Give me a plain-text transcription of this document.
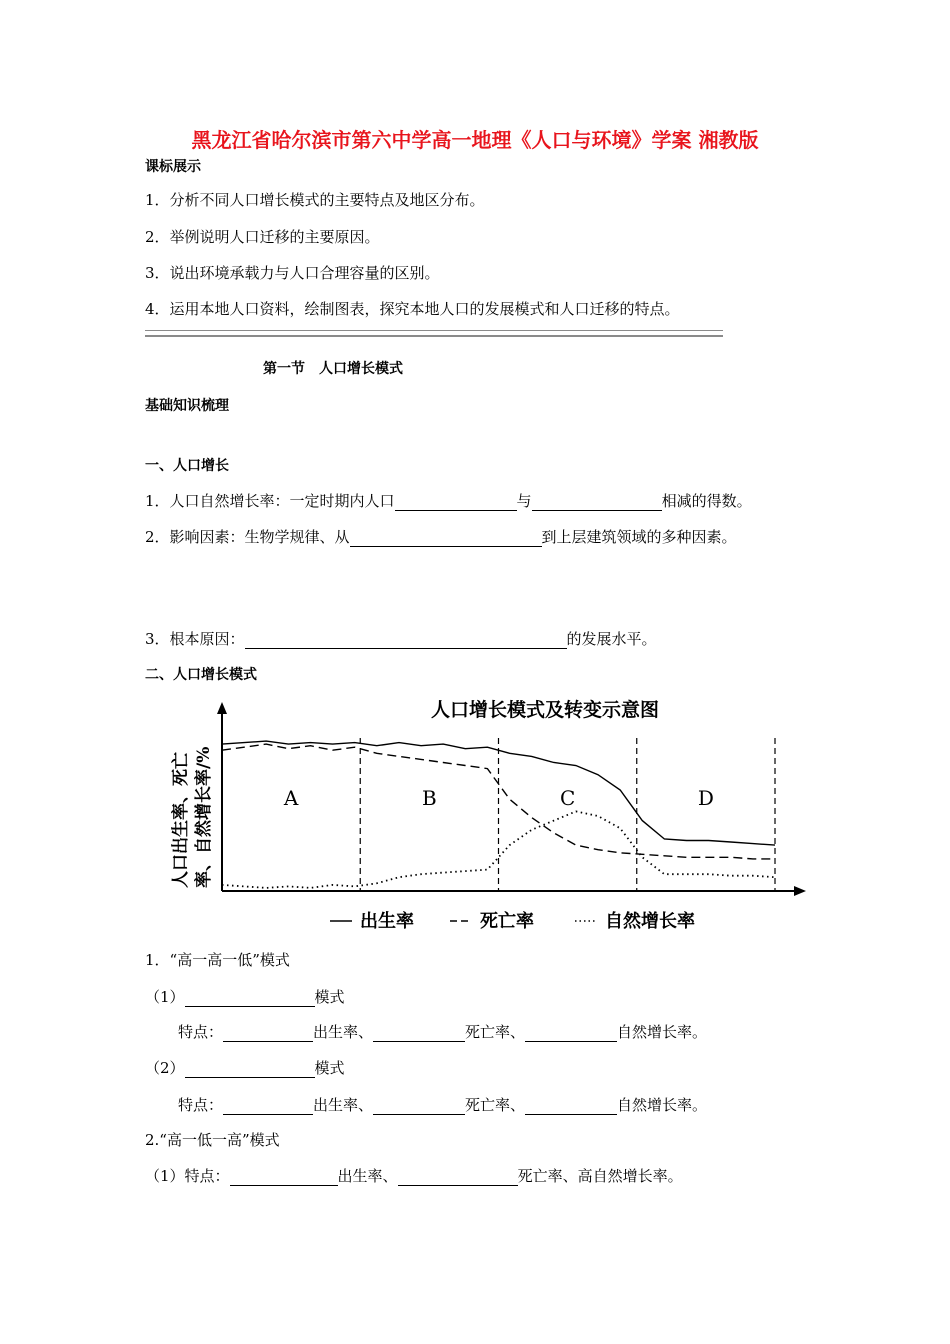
黑龙江省哈尔滨市第六中学高一地理《人口与环境》学案 湘教版
课标展示
1．分析不同人口增长模式的主要特点及地区分布。
2．举例说明人口迁移的主要原因。
3．说出环境承载力与人口合理容量的区别。
4．运用本地人口资料，绘制图表，探究本地人口的发展模式和人口迁移的特点。
第一节　人口增长模式
基础知识梳理
一、人口增长
1．人口自然增长率：一定时期内人口	与	相减的得数。
2．影响因素：生物学规律、从	到上层建筑领域的多种因素。
3．根本原因：	的发展水平。
二、人口增长模式
人口增长模式及转变示意图
人口出生率、死亡 率、自然增长率/%	A	B	C	D
出生率	死亡率	自然增长率
1．“高一高一低”模式
（1）	模式
特点：	出生率、	死亡率、	自然增长率。
（2）	模式
特点：	出生率、	死亡率、	自然增长率。
2.“高一低一高”模式
（1）特点：	出生率、	死亡率、高自然增长率。
